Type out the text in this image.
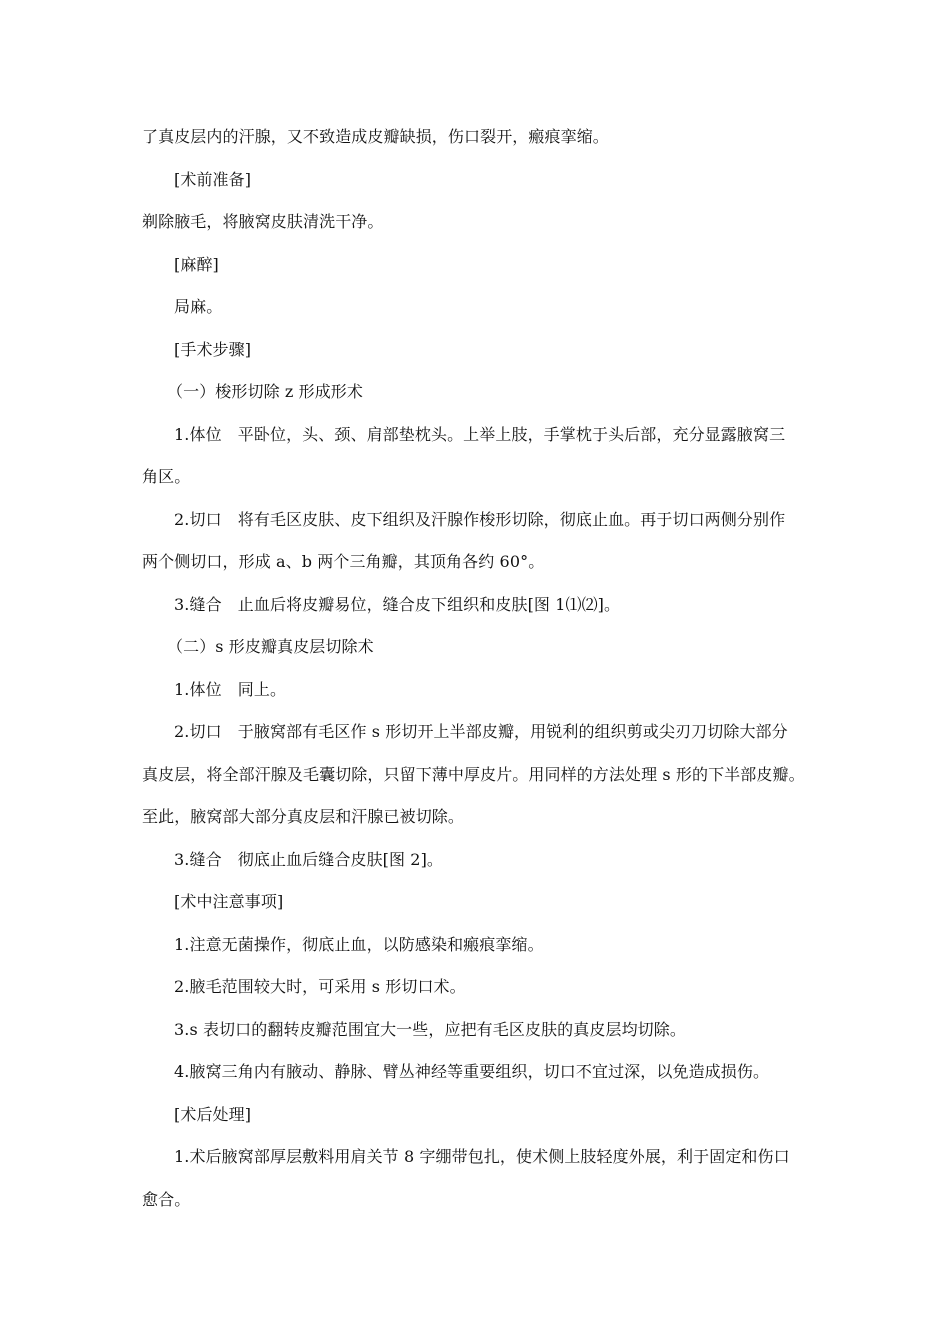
了真皮层内的汗腺，又不致造成皮瓣缺损，伤口裂开，瘢痕挛缩。
[术前准备]
剃除腋毛，将腋窝皮肤清洗干净。
[麻醉]
局麻。
[手术步骤]
（一）梭形切除 z 形成形术
1.体位　平卧位，头、颈、肩部垫枕头。上举上肢，手掌枕于头后部，充分显露腋窝三
角区。
2.切口　将有毛区皮肤、皮下组织及汗腺作梭形切除，彻底止血。再于切口两侧分别作
两个侧切口，形成 a、b 两个三角瓣，其顶角各约 60°。
3.缝合　止血后将皮瓣易位，缝合皮下组织和皮肤[图 1⑴⑵]。
（二）s 形皮瓣真皮层切除术
1.体位　同上。
2.切口　于腋窝部有毛区作 s 形切开上半部皮瓣，用锐利的组织剪或尖刃刀切除大部分
真皮层，将全部汗腺及毛囊切除，只留下薄中厚皮片。用同样的方法处理 s 形的下半部皮瓣。
至此，腋窝部大部分真皮层和汗腺已被切除。
3.缝合　彻底止血后缝合皮肤[图 2]。
[术中注意事项]
1.注意无菌操作，彻底止血，以防感染和瘢痕挛缩。
2.腋毛范围较大时，可采用 s 形切口术。
3.s 表切口的翻转皮瓣范围宜大一些，应把有毛区皮肤的真皮层均切除。
4.腋窝三角内有腋动、静脉、臂丛神经等重要组织，切口不宜过深，以免造成损伤。
[术后处理]
1.术后腋窝部厚层敷料用肩关节 8 字绷带包扎，使术侧上肢轻度外展，利于固定和伤口
愈合。
